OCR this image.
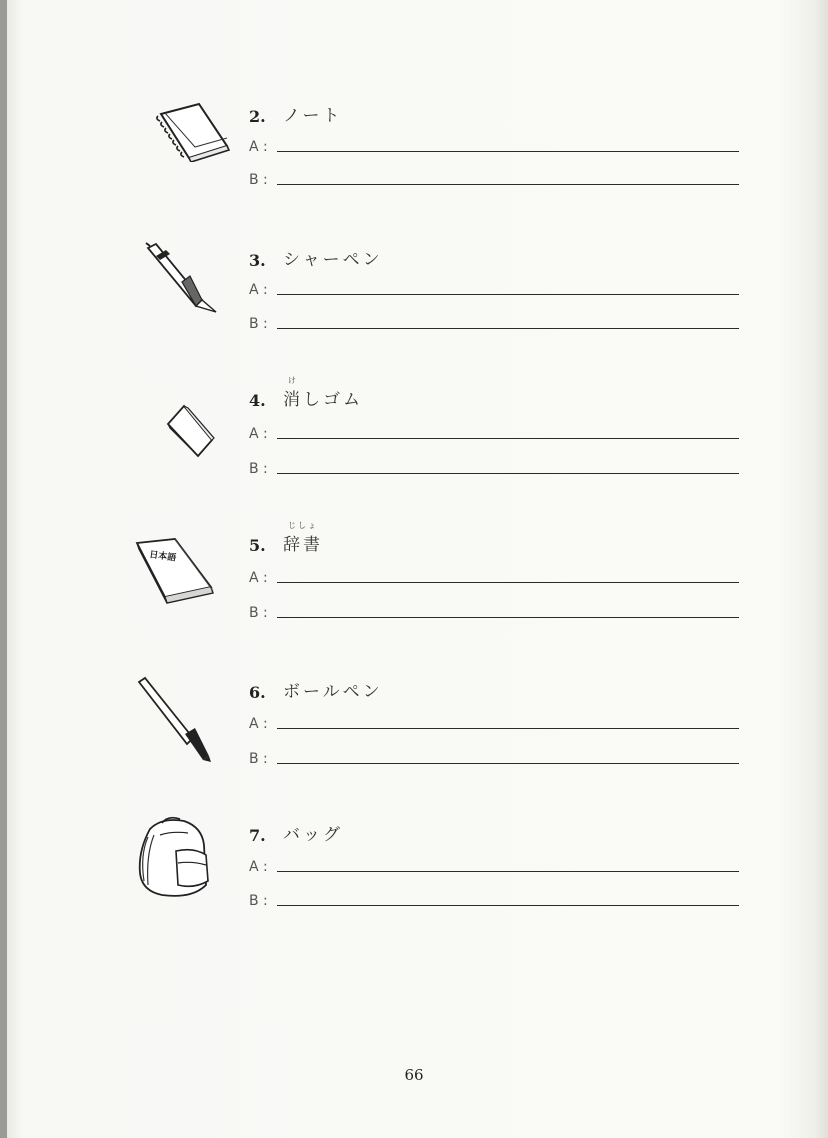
2.	ノート
A :
B :
3.	シャーペン
A :
B :
4.
け
消 しゴム
A :
B :
日本語
5.
じしょ
辞書
A :
B :
6.	ボールペン
A :
B :
7.	バッグ
A :
B :
66
